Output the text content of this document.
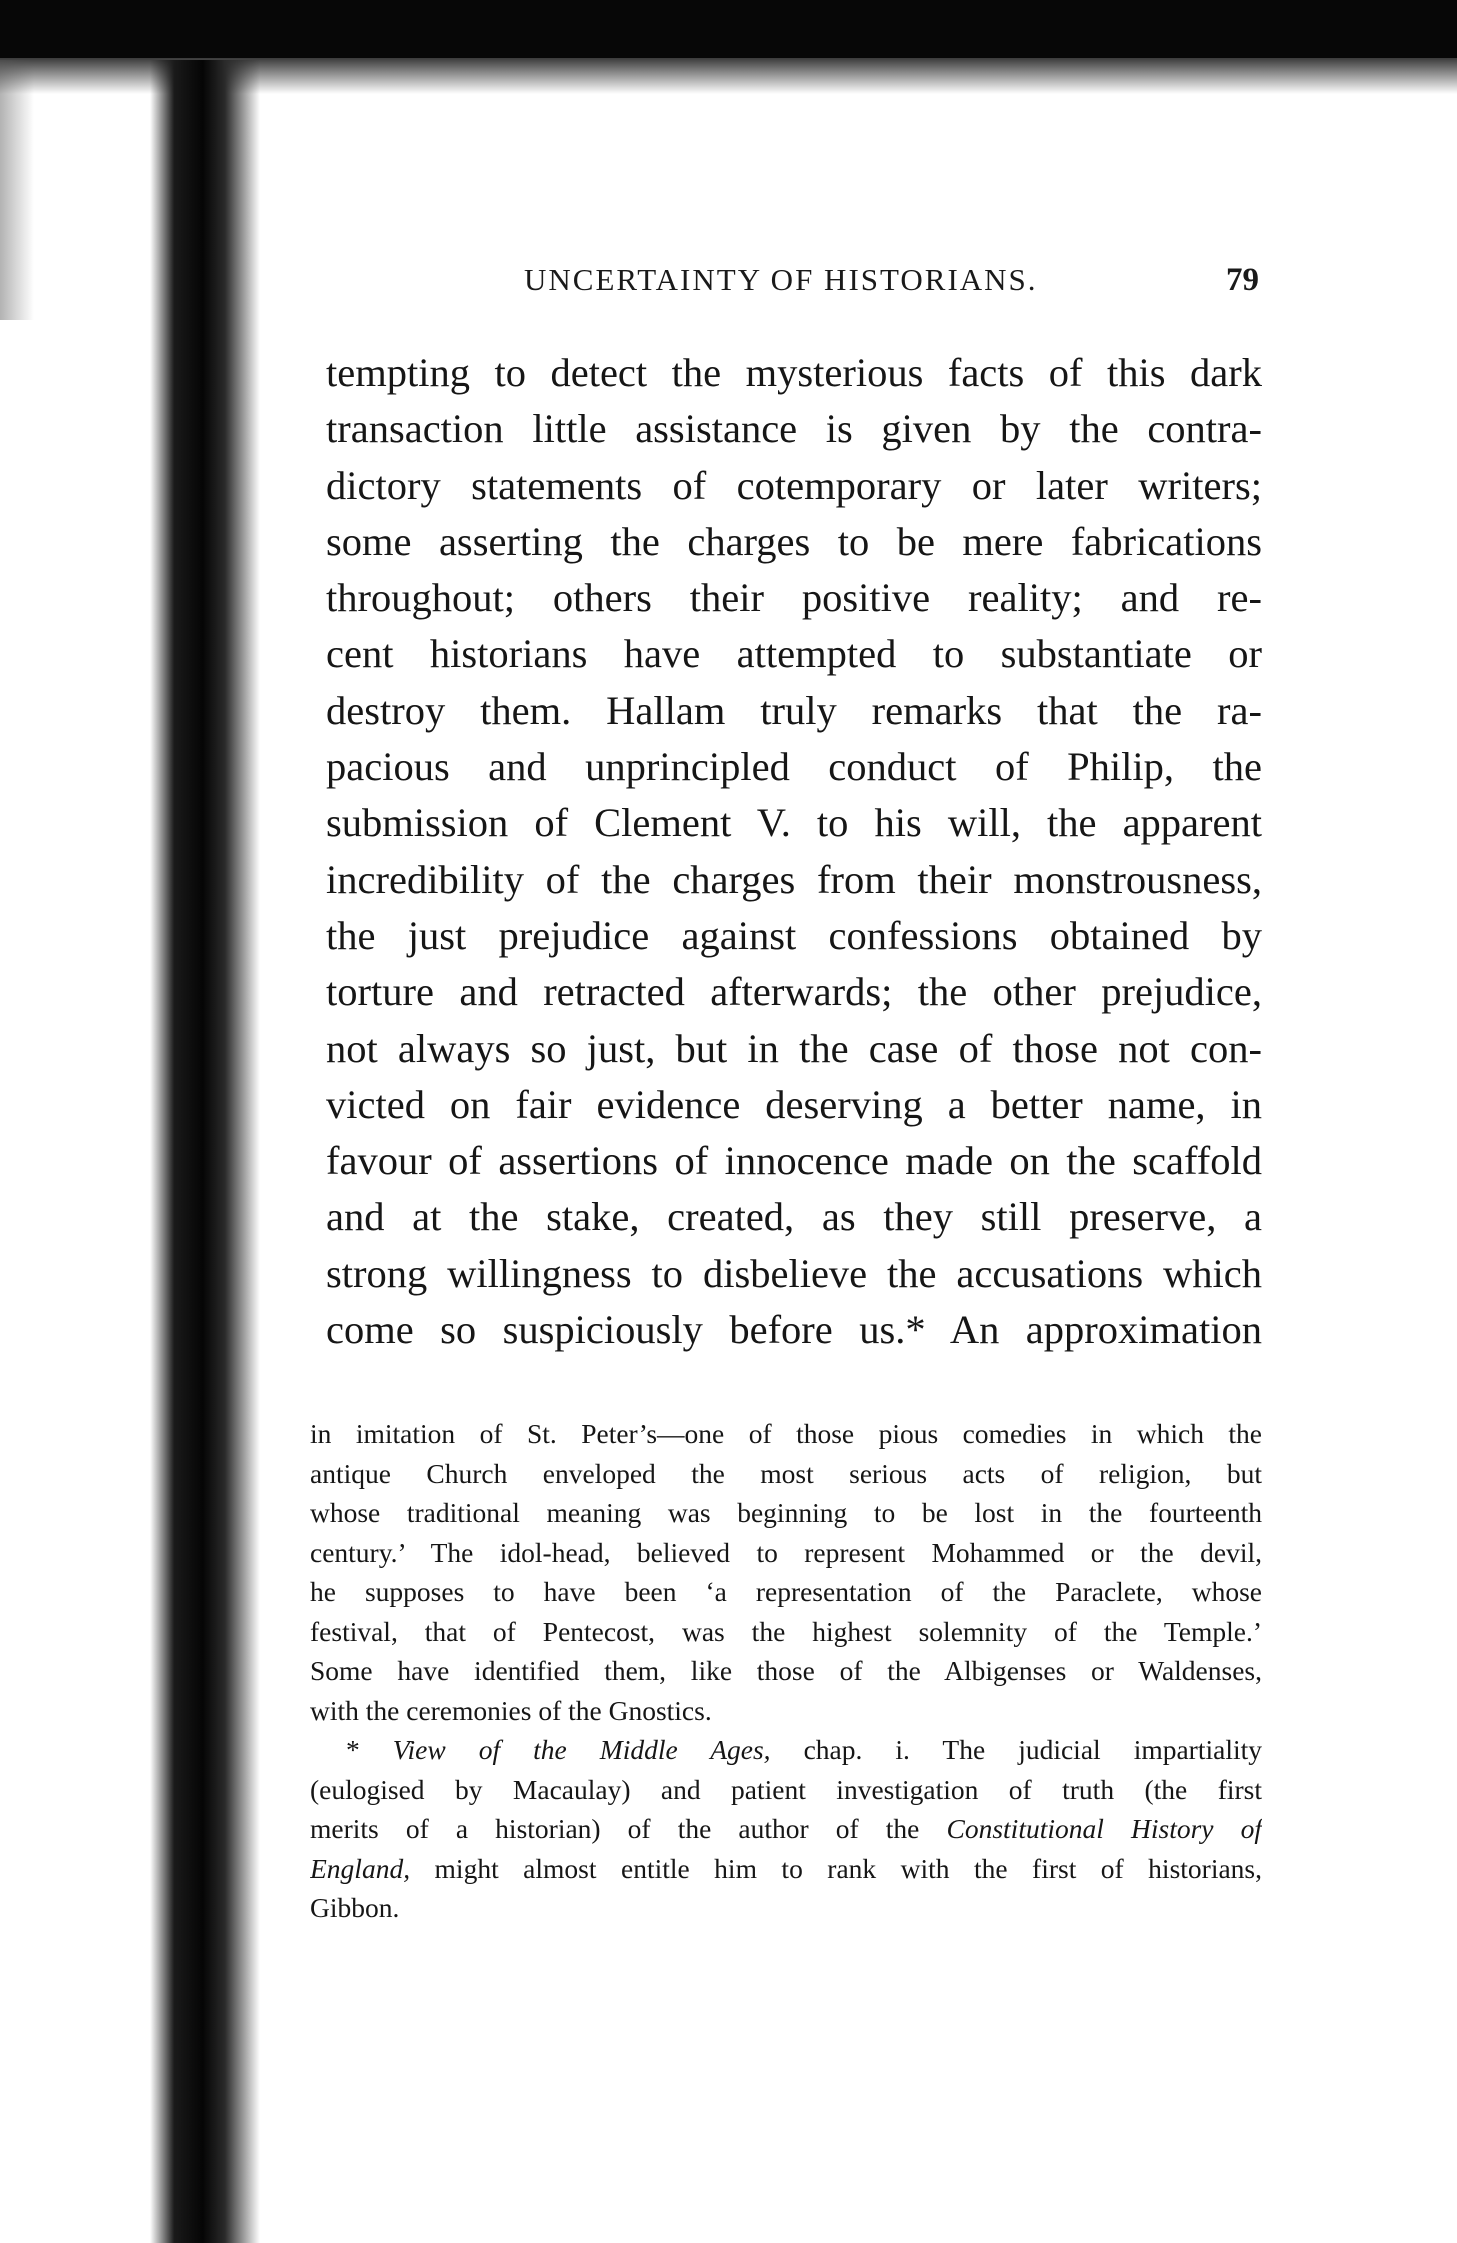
UNCERTAINTY OF HISTORIANS.	79
tempting to detect the mysterious facts of this dark
transaction little assistance is given by the contra-
dictory statements of cotemporary or later writers;
some asserting the charges to be mere fabrications
throughout; others their positive reality; and re-
cent historians have attempted to substantiate or
destroy them. Hallam truly remarks that the ra-
pacious and unprincipled conduct of Philip, the
submission of Clement V. to his will, the apparent
incredibility of the charges from their monstrousness,
the just prejudice against confessions obtained by
torture and retracted afterwards; the other prejudice,
not always so just, but in the case of those not con-
victed on fair evidence deserving a better name, in
favour of assertions of innocence made on the scaffold
and at the stake, created, as they still preserve, a
strong willingness to disbelieve the accusations which
come so suspiciously before us.* An approximation
in imitation of St. Peter’s—one of those pious comedies in which the
antique Church enveloped the most serious acts of religion, but
whose traditional meaning was beginning to be lost in the fourteenth
century.’ The idol-head, believed to represent Mohammed or the devil,
he supposes to have been ‘a representation of the Paraclete, whose
festival, that of Pentecost, was the highest solemnity of the Temple.’
Some have identified them, like those of the Albigenses or Waldenses,
with the ceremonies of the Gnostics.
* View of the Middle Ages, chap. i. The judicial impartiality
(eulogised by Macaulay) and patient investigation of truth (the first
merits of a historian) of the author of the Constitutional History of
England, might almost entitle him to rank with the first of historians,
Gibbon.
